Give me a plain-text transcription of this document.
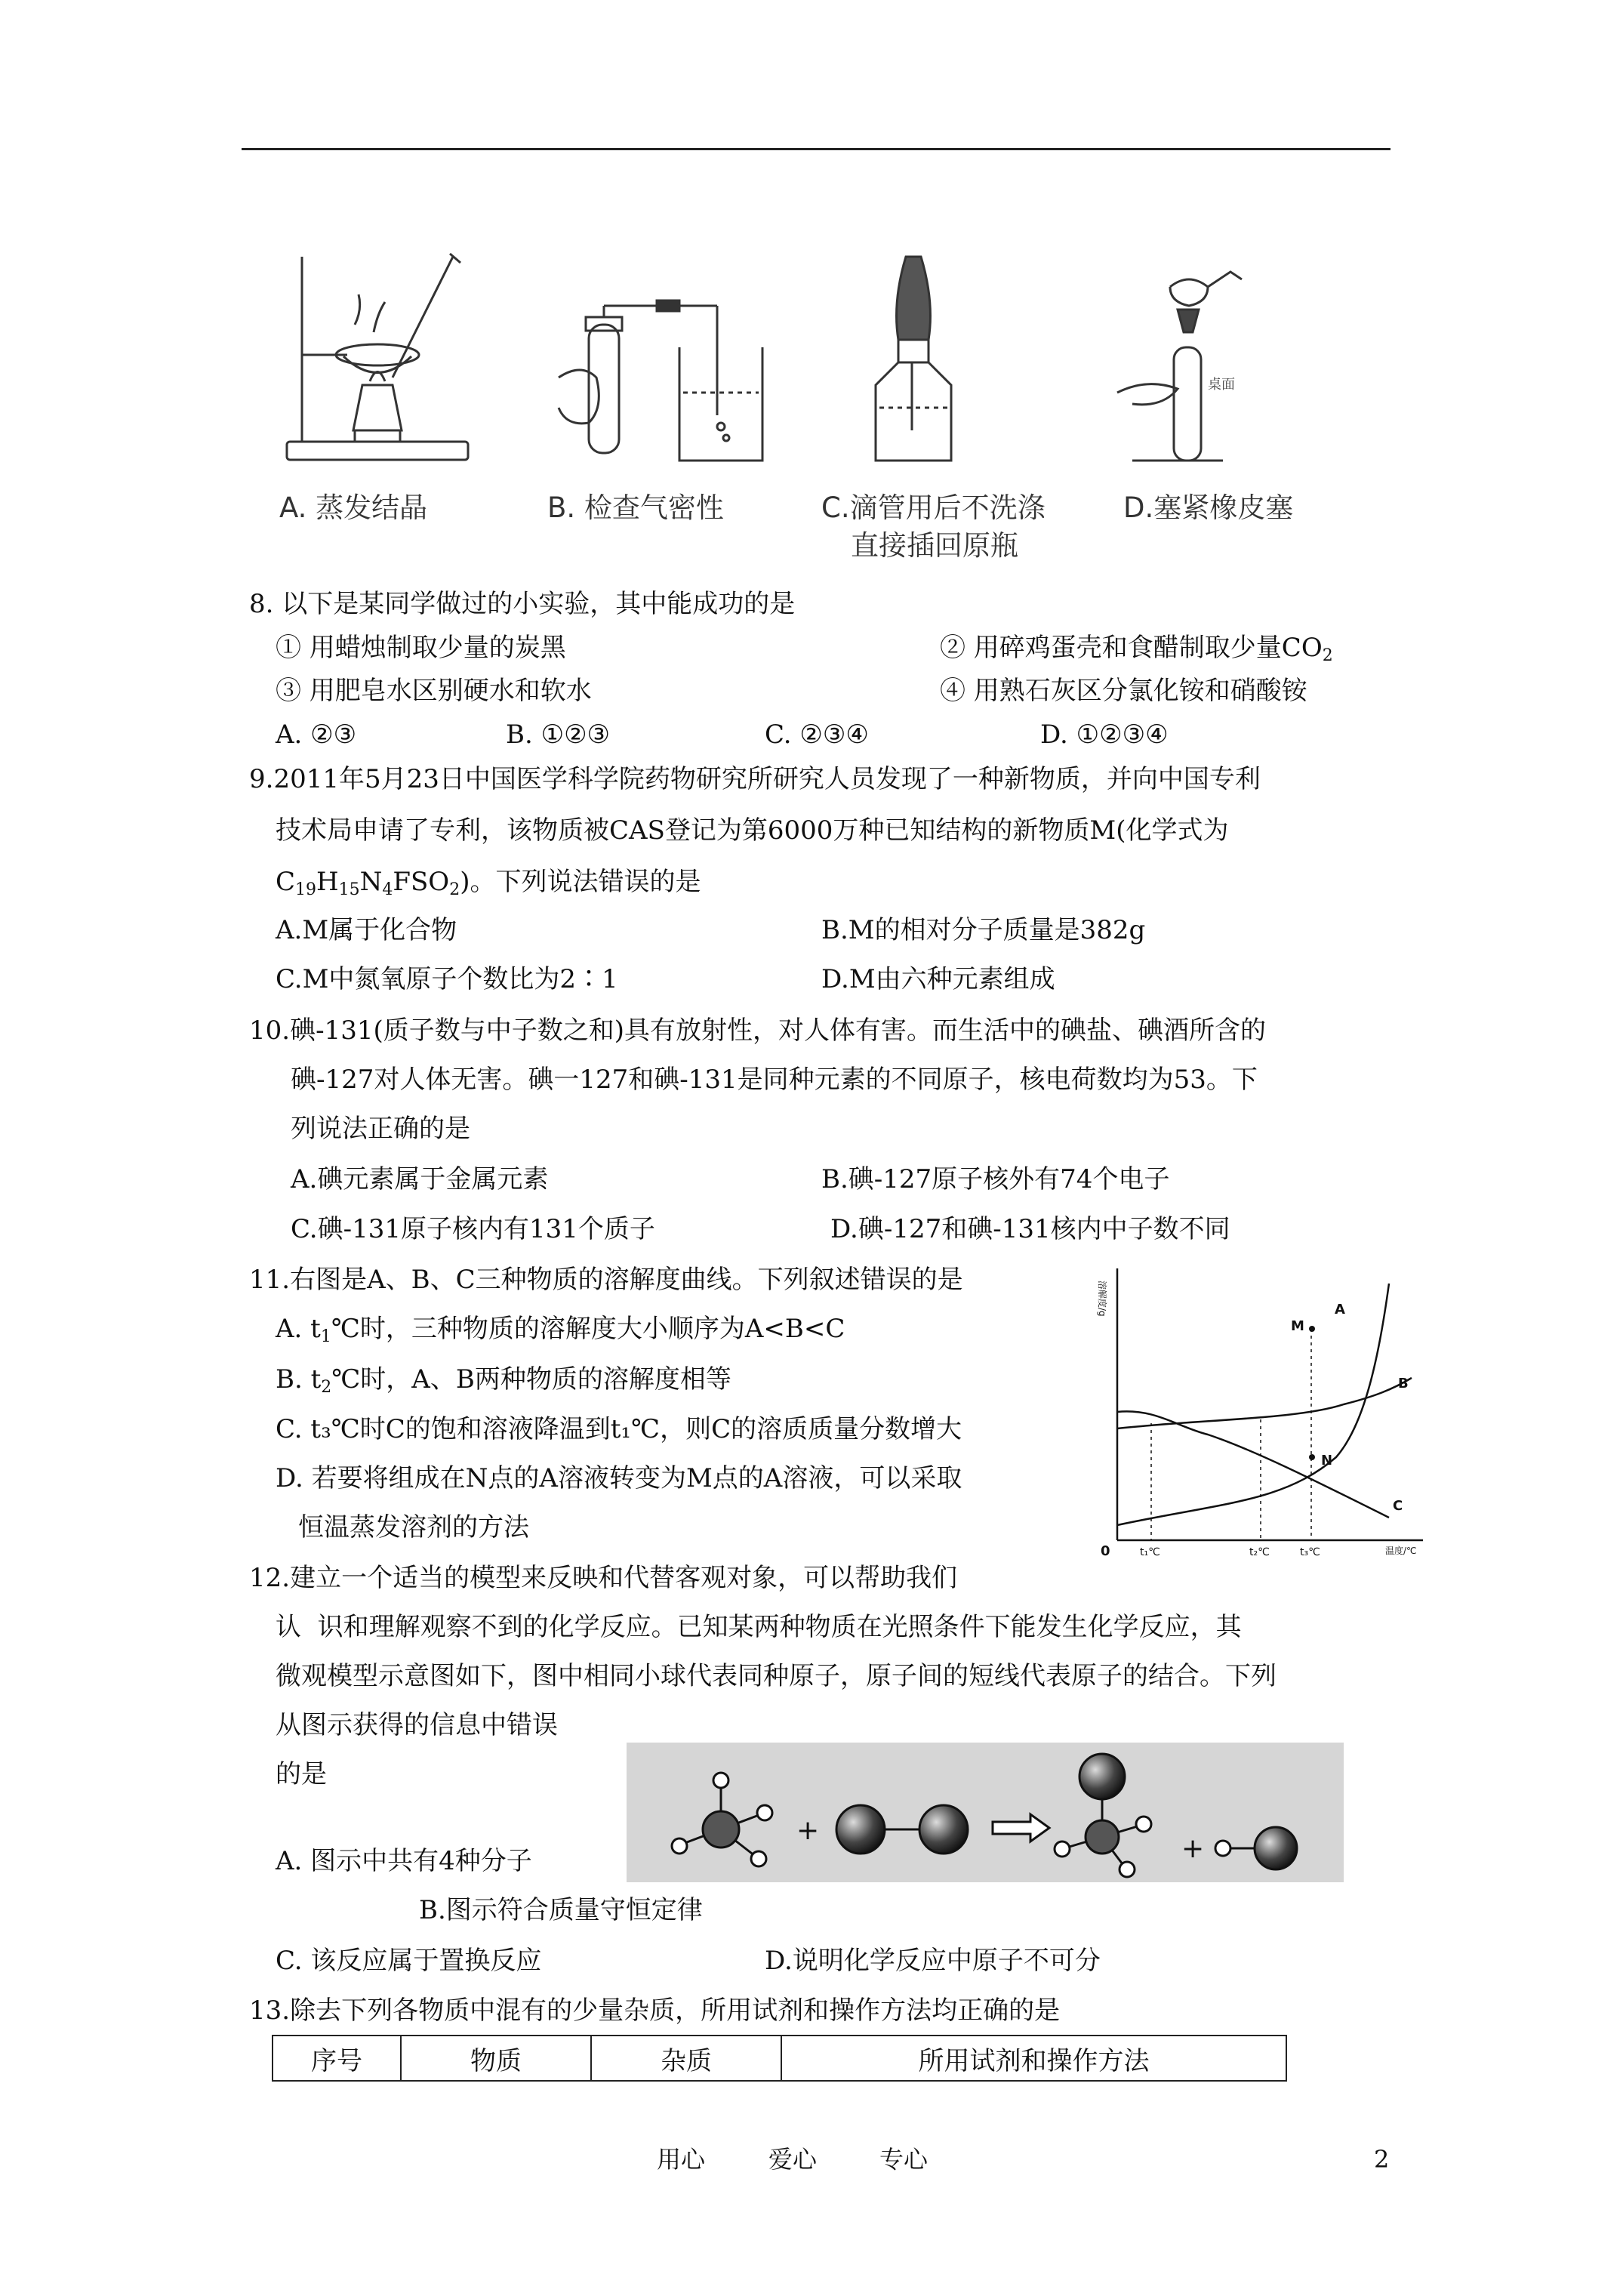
桌面
A. 蒸发结晶	B. 检查气密性	C.滴管用后不洗涤
直接插回原瓶
D.塞紧橡皮塞
8. 以下是某同学做过的小实验，其中能成功的是
① 用蜡烛制取少量的炭黑	② 用碎鸡蛋壳和食醋制取少量$CO_2$
③ 用肥皂水区别硬水和软水	④ 用熟石灰区分氯化铵和硝酸铵
A. ②③	B. ①②③	C. ②③④	D. ①②③④
9.2011年5月23日中国医学科学院药物研究所研究人员发现了一种新物质，并向中国专利
技术局申请了专利，该物质被CAS登记为第6000万种已知结构的新物质M(化学式为
$C_{19}H_{15}N_4FSO_2$)。下列说法错误的是
A.M属于化合物	B.M的相对分子质量是382g
C.M中氮氧原子个数比为2∶1	D.M由六种元素组成
10.碘-131(质子数与中子数之和)具有放射性，对人体有害。而生活中的碘盐、碘酒所含的
碘-127对人体无害。碘一127和碘-131是同种元素的不同原子，核电荷数均为53。下
列说法正确的是
A.碘元素属于金属元素	B.碘-127原子核外有74个电子
C.碘-131原子核内有131个质子	D.碘-127和碘-131核内中子数不同
11.右图是A、B、C三种物质的溶解度曲线。下列叙述错误的是
A. $t_1℃$时，三种物质的溶解度大小顺序为A<B<C
B. $t_2℃$时，A、B两种物质的溶解度相等
C. t₃℃时C的饱和溶液降温到t₁℃，则C的溶质质量分数增大
D. 若要将组成在N点的A溶液转变为M点的A溶液，可以采取
恒温蒸发溶剂的方法
A
B
C
M
N
0	t₁℃	t₂℃	t₃℃	温度/℃
溶解度/g
12.建立一个适当的模型来反映和代替客观对象，可以帮助我们
认  识和理解观察不到的化学反应。已知某两种物质在光照条件下能发生化学反应，其
微观模型示意图如下，图中相同小球代表同种原子，原子间的短线代表原子的结合。下列
从图示获得的信息中错误
的是
+
+
A. 图示中共有4种分子
B.图示符合质量守恒定律
C. 该反应属于置换反应	D.说明化学反应中原子不可分
13.除去下列各物质中混有的少量杂质，所用试剂和操作方法均正确的是
序号	物质	杂质	所用试剂和操作方法
用心	爱心	专心	2
